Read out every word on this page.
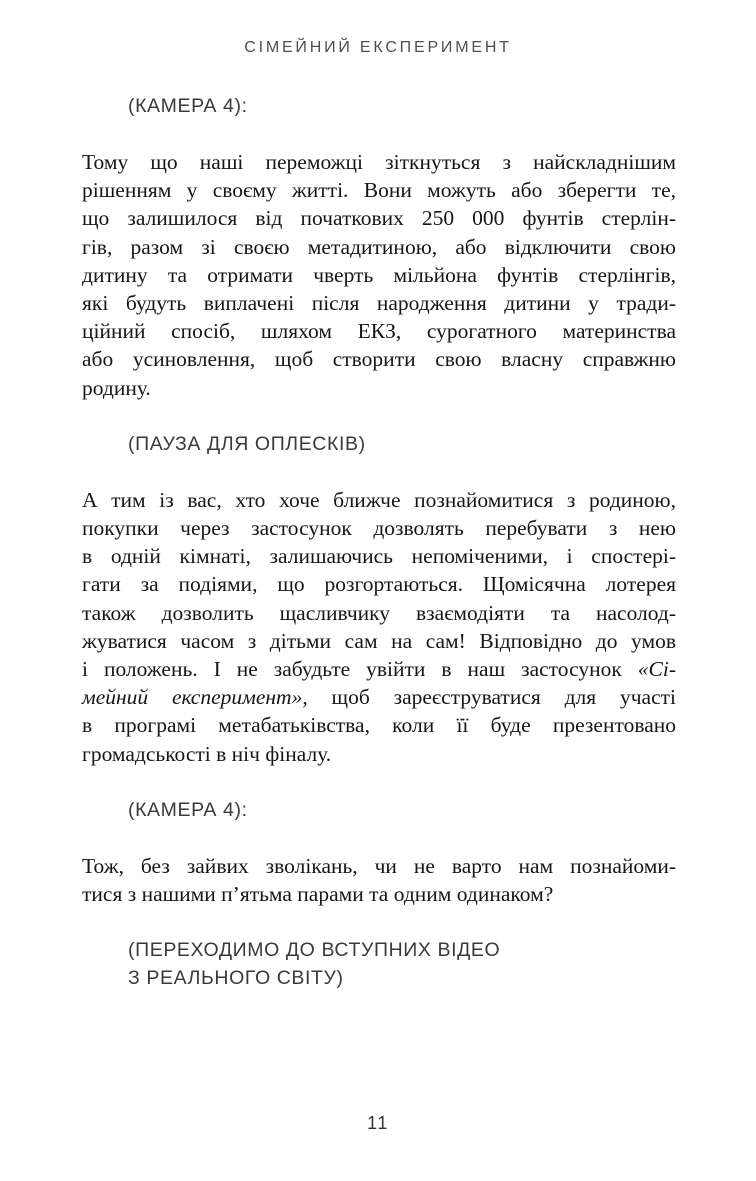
СІМЕЙНИЙ ЕКСПЕРИМЕНТ
(КАМЕРА 4):
Тому що наші переможці зіткнуться з найскладнішим
рішенням у своєму житті. Вони можуть або зберегти те,
що залишилося від початкових 250 000 фунтів стерлін-
гів, разом зі своєю метадитиною, або відключити свою
дитину та отримати чверть мільйона фунтів стерлінгів,
які будуть виплачені після народження дитини у тради-
ційний спосіб, шляхом ЕКЗ, сурогатного материнства
або усиновлення, щоб створити свою власну справжню
родину.
(ПАУЗА ДЛЯ ОПЛЕСКІВ)
А тим із вас, хто хоче ближче познайомитися з родиною,
покупки через застосунок дозволять перебувати з нею
в одній кімнаті, залишаючись непоміченими, і спостері-
гати за подіями, що розгортаються. Щомісячна лотерея
також дозволить щасливчику взаємодіяти та насолод-
жуватися часом з дітьми сам на сам! Відповідно до умов
і положень. І не забудьте увійти в наш застосунок «Сі-
мейний експеримент», щоб зареєструватися для участі
в програмі метабатьківства, коли її буде презентовано
громадськості в ніч фіналу.
(КАМЕРА 4):
Тож, без зайвих зволікань, чи не варто нам познайоми-
тися з нашими п’ятьма парами та одним одинаком?
(ПЕРЕХОДИМО ДО ВСТУПНИХ ВІДЕО
З РЕАЛЬНОГО СВІТУ)
11
